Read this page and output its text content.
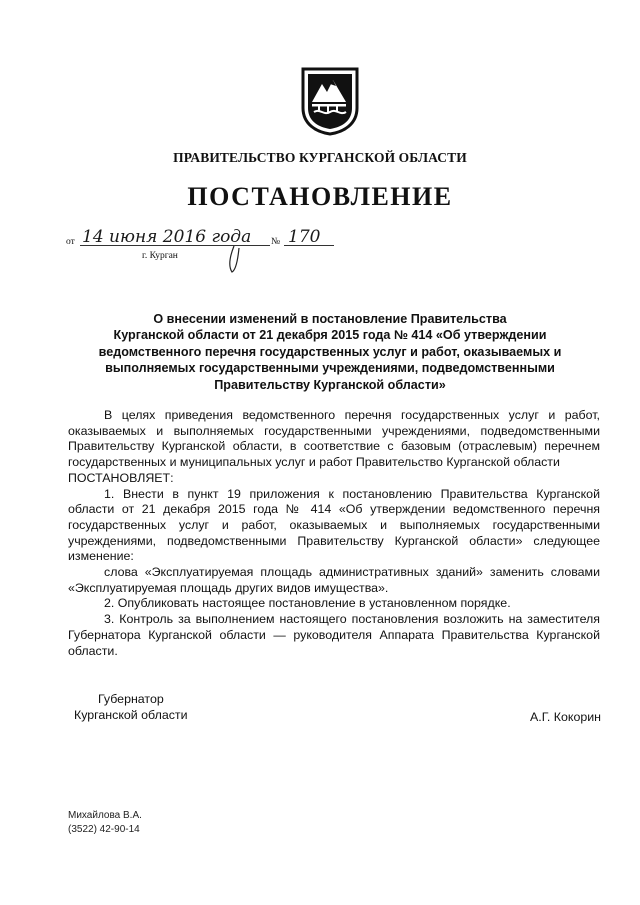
ПРАВИТЕЛЬСТВО КУРГАНСКОЙ ОБЛАСТИ
ПОСТАНОВЛЕНИЕ
от 14 июня 2016 года № 170
г. Курган
О внесении изменений в постановление Правительства
Курганской области от 21 декабря 2015 года № 414 «Об утверждении
ведомственного перечня государственных услуг и работ, оказываемых и
выполняемых государственными учреждениями, подведомственными
Правительству Курганской области»

В целях приведения ведомственного перечня государственных услуг и работ, оказываемых и выполняемых государственными учреждениями, подведомственными Правительству Курганской области, в соответствие с базовым (отраслевым) перечнем государственных и муниципальных услуг и работ Правительство Курганской области

ПОСТАНОВЛЯЕТ:

1. Внести в пункт 19 приложения к постановлению Правительства Курганской области от 21 декабря 2015 года № 414 «Об утверждении ведомственного перечня государственных услуг и работ, оказываемых и выполняемых государственными учреждениями, подведомственными Правительству Курганской области» следующее изменение:

слова «Эксплуатируемая площадь административных зданий» заменить словами «Эксплуатируемая площадь других видов имущества».

2. Опубликовать настоящее постановление в установленном порядке.

3. Контроль за выполнением настоящего постановления возложить на заместителя Губернатора Курганской области — руководителя Аппарата Правительства Курганской области.

Губернатор
Курганской области	А.Г. Кокорин
Михайлова В.А.
(3522) 42-90-14
